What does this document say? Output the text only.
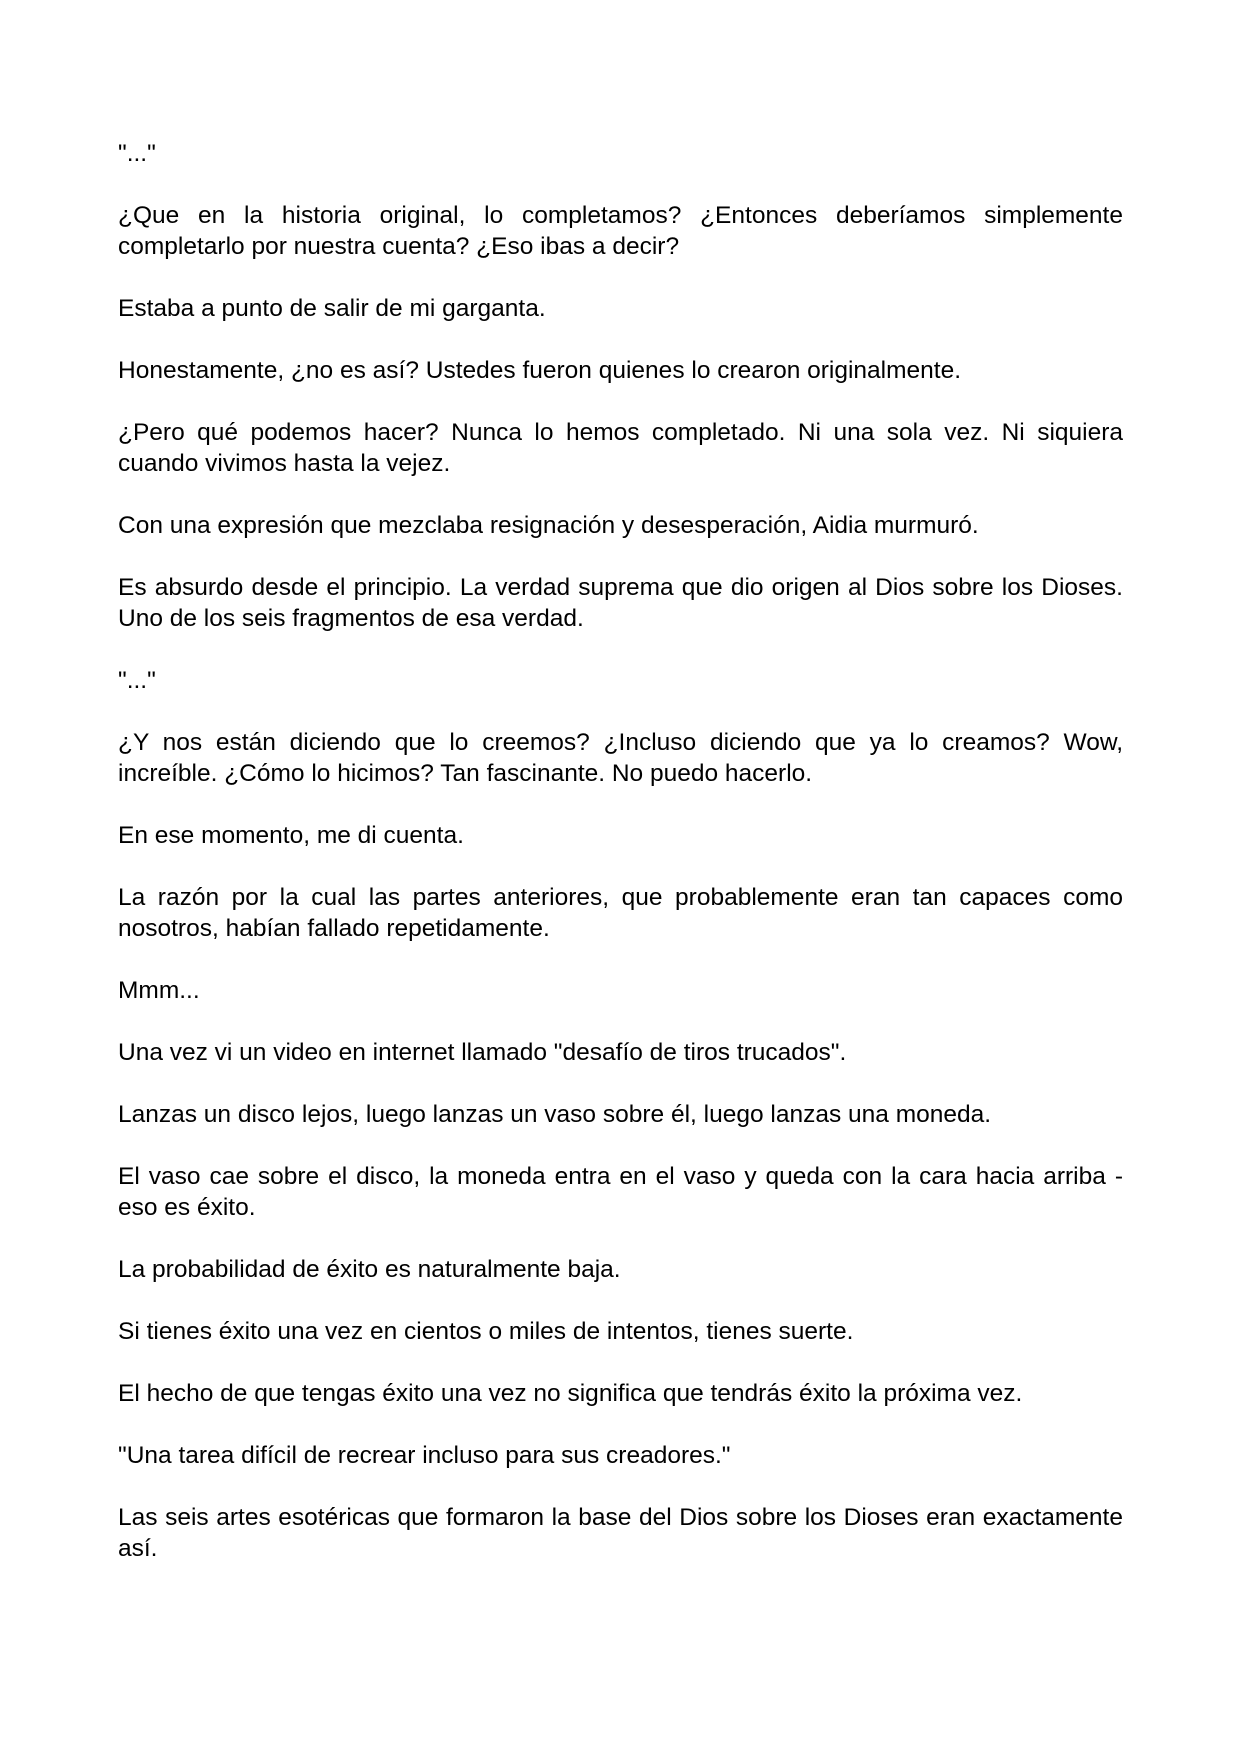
"..."

¿Que en la historia original, lo completamos? ¿Entonces deberíamos simplemente completarlo por nuestra cuenta? ¿Eso ibas a decir?

Estaba a punto de salir de mi garganta.

Honestamente, ¿no es así? Ustedes fueron quienes lo crearon originalmente.

¿Pero qué podemos hacer? Nunca lo hemos completado. Ni una sola vez. Ni siquiera cuando vivimos hasta la vejez.

Con una expresión que mezclaba resignación y desesperación, Aidia murmuró.

Es absurdo desde el principio. La verdad suprema que dio origen al Dios sobre los Dioses. Uno de los seis fragmentos de esa verdad.

"..."

¿Y nos están diciendo que lo creemos? ¿Incluso diciendo que ya lo creamos? Wow, increíble. ¿Cómo lo hicimos? Tan fascinante. No puedo hacerlo.

En ese momento, me di cuenta.

La razón por la cual las partes anteriores, que probablemente eran tan capaces como nosotros, habían fallado repetidamente.

Mmm...

Una vez vi un video en internet llamado "desafío de tiros trucados".

Lanzas un disco lejos, luego lanzas un vaso sobre él, luego lanzas una moneda.

El vaso cae sobre el disco, la moneda entra en el vaso y queda con la cara hacia arriba - eso es éxito.

La probabilidad de éxito es naturalmente baja.

Si tienes éxito una vez en cientos o miles de intentos, tienes suerte.

El hecho de que tengas éxito una vez no significa que tendrás éxito la próxima vez.

"Una tarea difícil de recrear incluso para sus creadores."

Las seis artes esotéricas que formaron la base del Dios sobre los Dioses eran exactamente así.
